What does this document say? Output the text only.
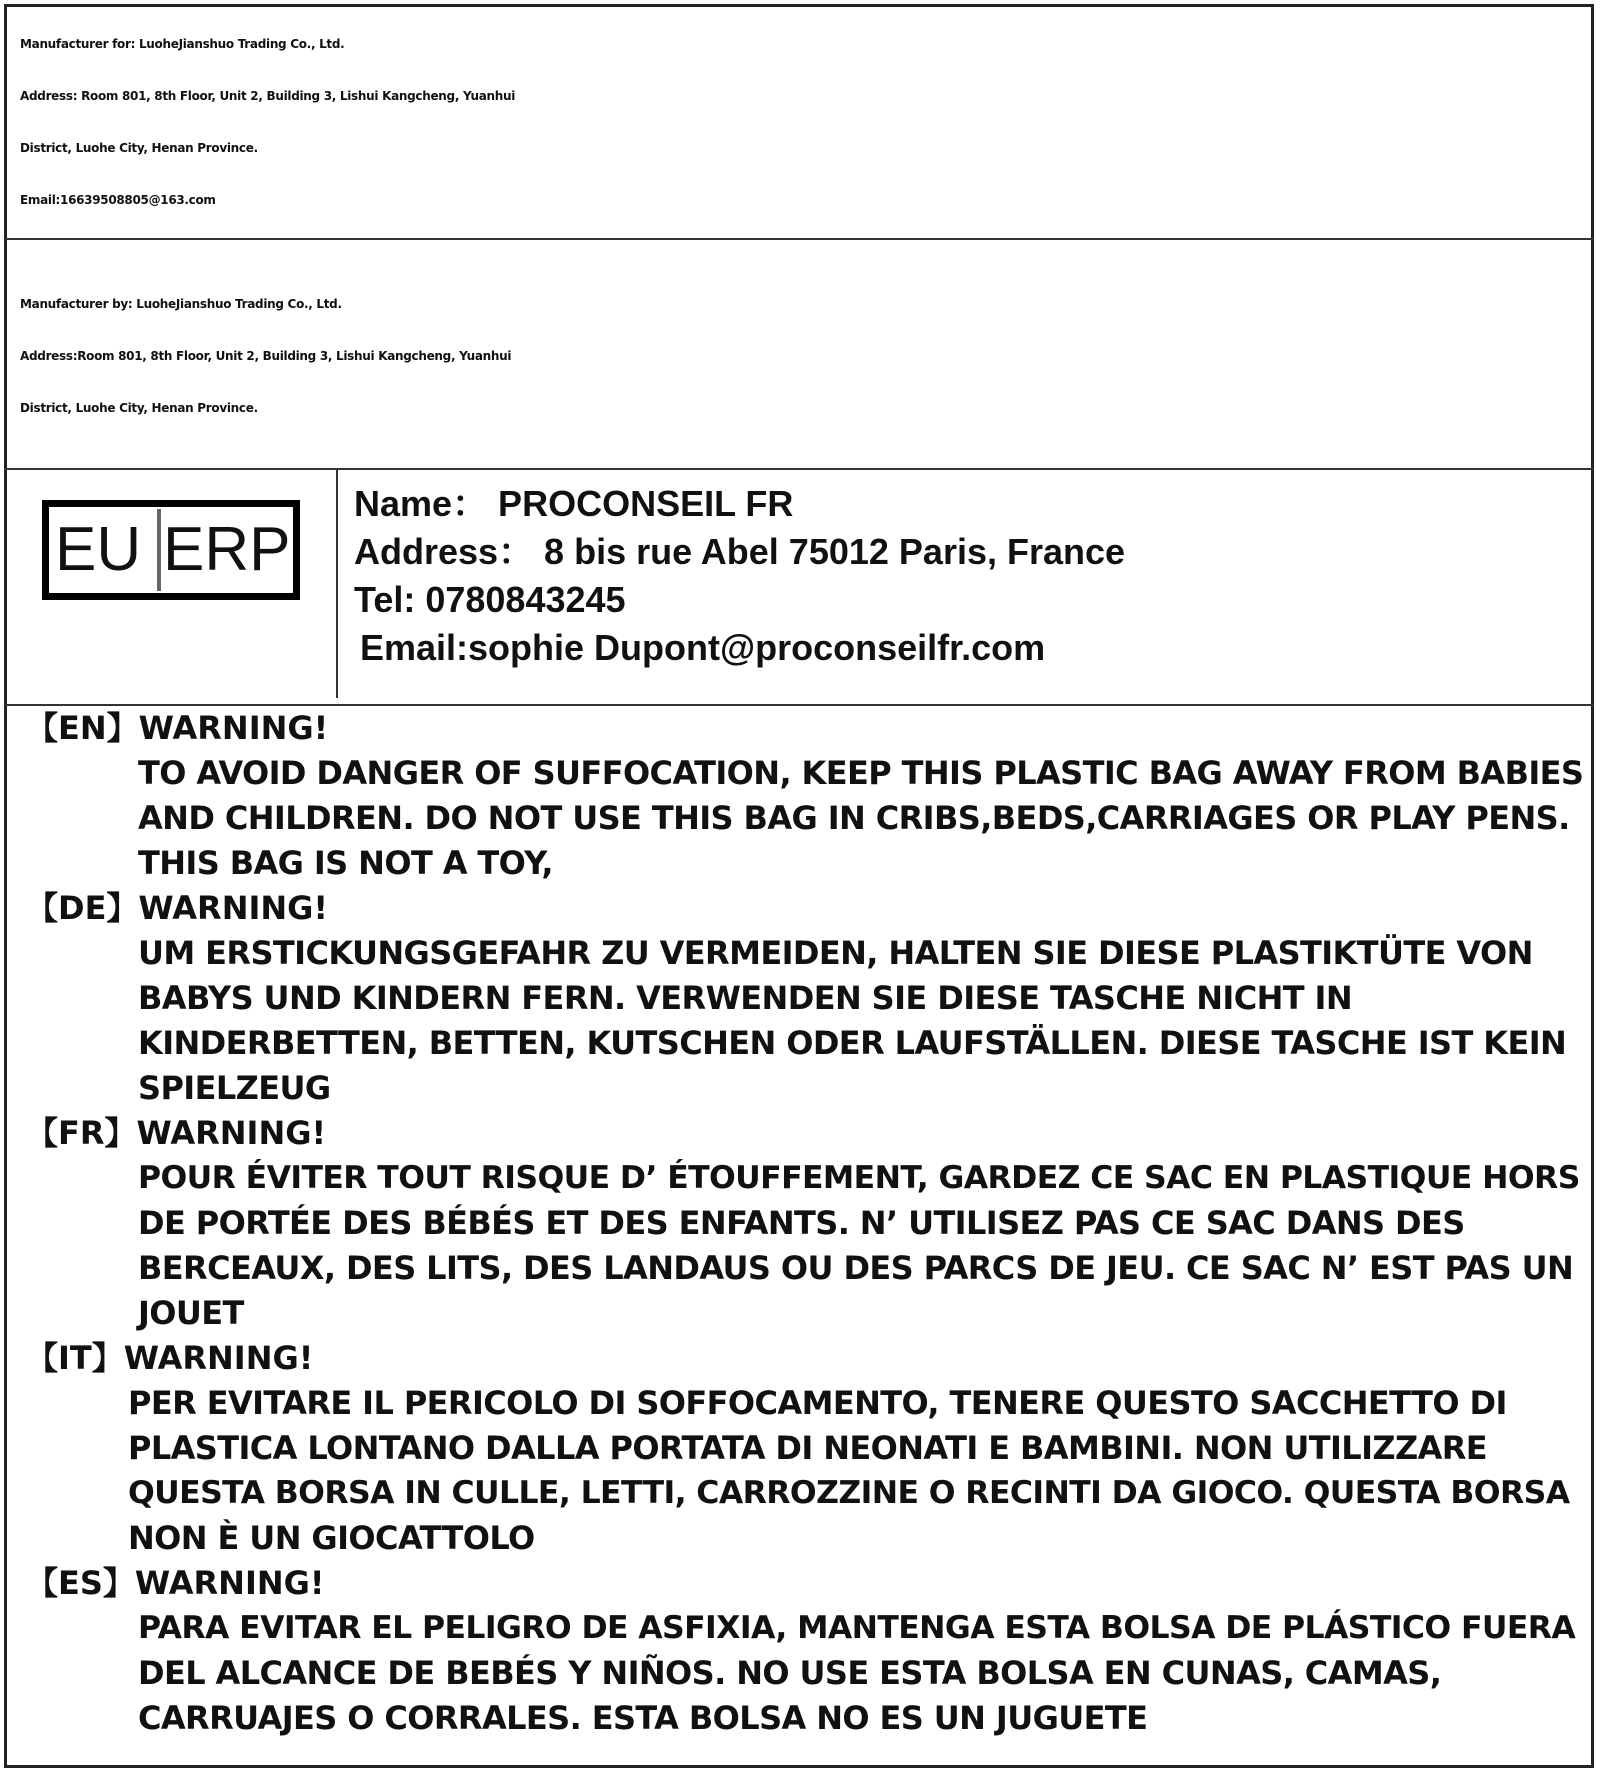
Manufacturer for: LuoheJianshuo Trading Co., Ltd.
Address: Room 801, 8th Floor, Unit 2, Building 3, Lishui Kangcheng, Yuanhui
District, Luohe City, Henan Province.
Email:16639508805@163.com
Manufacturer by: LuoheJianshuo Trading Co., Ltd.
Address:Room 801, 8th Floor, Unit 2, Building 3, Lishui Kangcheng, Yuanhui
District, Luohe City, Henan Province.
EU ERP
Name： PROCONSEIL FR
Address： 8 bis rue Abel 75012 Paris, France
Tel: 0780843245
Email:sophie Dupont@proconseilfr.com
【EN】WARNING!
TO AVOID DANGER OF SUFFOCATION, KEEP THIS PLASTIC BAG AWAY FROM BABIES
AND CHILDREN. DO NOT USE THIS BAG IN CRIBS,BEDS,CARRIAGES OR PLAY PENS.
THIS BAG IS NOT A TOY,
【DE】WARNING!
UM ERSTICKUNGSGEFAHR ZU VERMEIDEN, HALTEN SIE DIESE PLASTIKTÜTE VON
BABYS UND KINDERN FERN. VERWENDEN SIE DIESE TASCHE NICHT IN
KINDERBETTEN, BETTEN, KUTSCHEN ODER LAUFSTÄLLEN. DIESE TASCHE IST KEIN
SPIELZEUG
【FR】WARNING!
POUR ÉVITER TOUT RISQUE D’ ÉTOUFFEMENT, GARDEZ CE SAC EN PLASTIQUE HORS
DE PORTÉE DES BÉBÉS ET DES ENFANTS. N’ UTILISEZ PAS CE SAC DANS DES
BERCEAUX, DES LITS, DES LANDAUS OU DES PARCS DE JEU. CE SAC N’ EST PAS UN
JOUET
【IT】WARNING!
PER EVITARE IL PERICOLO DI SOFFOCAMENTO, TENERE QUESTO SACCHETTO DI
PLASTICA LONTANO DALLA PORTATA DI NEONATI E BAMBINI. NON UTILIZZARE
QUESTA BORSA IN CULLE, LETTI, CARROZZINE O RECINTI DA GIOCO. QUESTA BORSA
NON È UN GIOCATTOLO
【ES】WARNING!
PARA EVITAR EL PELIGRO DE ASFIXIA, MANTENGA ESTA BOLSA DE PLÁSTICO FUERA
DEL ALCANCE DE BEBÉS Y NIÑOS. NO USE ESTA BOLSA EN CUNAS, CAMAS,
CARRUAJES O CORRALES. ESTA BOLSA NO ES UN JUGUETE
